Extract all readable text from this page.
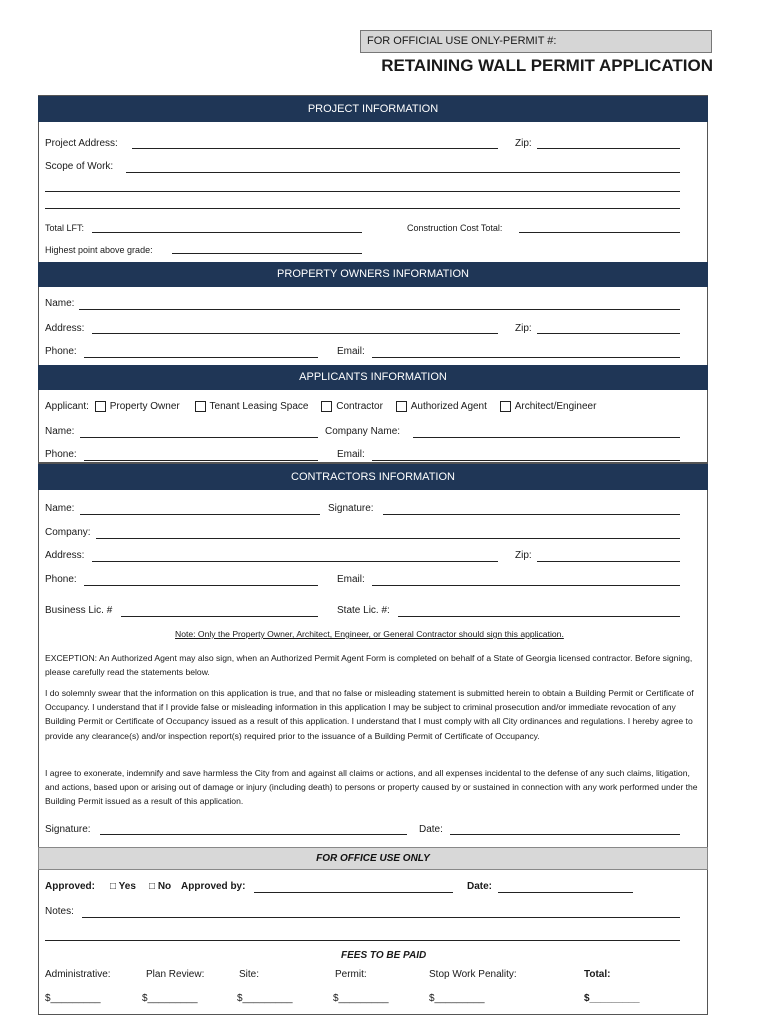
FOR OFFICIAL USE ONLY-PERMIT #:
RETAINING WALL PERMIT APPLICATION
PROJECT INFORMATION
Project Address:	Zip:
Scope of Work:
Total LFT:	Construction Cost Total:
Highest point above grade:
PROPERTY OWNERS INFORMATION
Name:
Address:	Zip:
Phone:	Email:
APPLICANTS INFORMATION
Applicant: Property Owner	Tenant Leasing Space	Contractor	Authorized Agent	Architect/Engineer
Name:	Company Name:
Phone:	Email:
CONTRACTORS INFORMATION
Name:	Signature:
Company:
Address:	Zip:
Phone:	Email:
Business Lic. #	State Lic. #:
Note: Only the Property Owner, Architect, Engineer, or General Contractor should sign this application.
EXCEPTION: An Authorized Agent may also sign, when an Authorized Permit Agent Form is completed on behalf of a State of Georgia licensed contractor. Before signing, please carefully read the statements below.
I do solemnly swear that the information on this application is true, and that no false or misleading statement is submitted herein to obtain a Building Permit or Certificate of Occupancy. I understand that if I provide false or misleading information in this application I may be subject to criminal prosecution and/or immediate revocation of any Building Permit or Certificate of Occupancy issued as a result of this application. I understand that I must comply with all City ordinances and regulations. I hereby agree to provide any clearance(s) and/or inspection report(s) required prior to the issuance of a Building Permit of Certificate of Occupancy.
I agree to exonerate, indemnify and save harmless the City from and against all claims or actions, and all expenses incidental to the defense of any such claims, litigation, and actions, based upon or arising out of damage or injury (including death) to persons or property caused by or sustained in connection with any work performed under the Building Permit issued as a result of this application.
Signature:	Date:
FOR OFFICE USE ONLY
Approved: □ Yes □ No Approved by:	Date:
Notes:
FEES TO BE PAID
Administrative:	Plan Review:	Site:	Permit:	Stop Work Penality:	Total:
$_________	$_________	$_________	$_________	$_________	$_________
